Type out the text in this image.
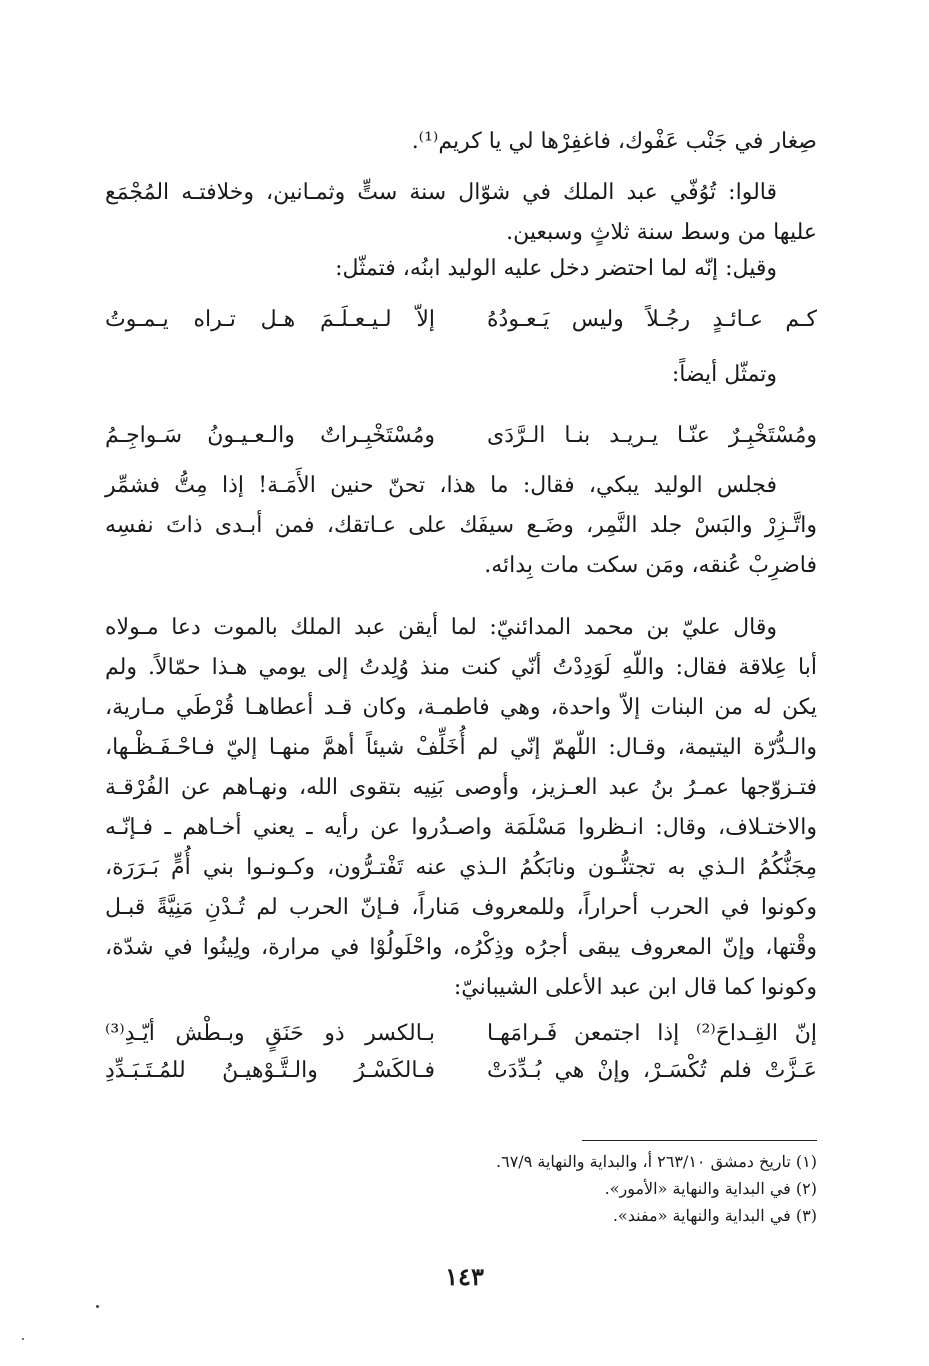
صِغار في جَنْب عَفْوك، فاغفِرْها لي يا كريم⁽¹⁾.
قالوا: تُوُفّي عبد الملك في شوّال سنة ستٍّ وثمـانين، وخلافتـه المُجْمَع
عليها من وسط سنة ثلاثٍ وسبعين.
وقيل: إنّه لما احتضر دخل عليه الوليد ابنُه، فتمثّل:
كـم عـائـدٍ رجُـلاً وليس يَـعـودُهُ
إلاّ لـيـعـلَـمَ هـل تـراه يـمـوتُ
وتمثّل أيضاً:
ومُسْتَخْبِـرٌ عنّـا يـريـد بنـا الـرَّدَى
ومُسْتَخْبِـراتٌ والـعـيـونُ سَـواجِـمُ
فجلس الوليد يبكي، فقال: ما هذا، تحنّ حنين الأَمَـة! إذا مِتُّ فشمِّر
واتَّـزِرْ والبَسْ جلد النَّمِر، وضَـع سيفَك على عـاتقك، فمن أبـدى ذاتَ نفسِه
فاضرِبْ عُنقه، ومَن سكت مات بِدائه.
وقال عليّ بن محمد المدائنيّ: لما أيقن عبد الملك بالموت دعا مـولاه
أبا عِلاقة فقال: واللّهِ لَوَدِدْتُ أنّي كنت منذ وُلِدتُ إلى يومي هـذا حمّالاً. ولم
يكن له من البنات إلاّ واحدة، وهي فاطمـة، وكان قـد أعطاهـا قُرْطَي مـارية،
والـدُّرّة اليتيمة، وقـال: اللّهمّ إنّي لم أُخَلِّفْ شيئاً أهمَّ منهـا إليّ فـاحْـفَـظْـها،
فتـزوّجها عمـرُ بنُ عبد العـزيز، وأوصى بَنِيه بتقوى الله، ونهـاهم عن الفُرْقـة
والاختـلاف، وقال: انـظروا مَسْلَمَة واصـدُروا عن رأيه ـ يعني أخـاهم ـ فـإنّـه
مِجَنُّكُمُ الـذي به تجتنُّـون ونابَكُمُ الـذي عنه تَفْتـرُّون، وكـونـوا بني أُمٍّ بَـرَرَة،
وكونوا في الحرب أحراراً، وللمعروف مَناراً، فـإنّ الحرب لم تُـدْنِ مَنِيَّةً قبـل
وقْتها، وإنّ المعروف يبقى أجرُه وذِكْرُه، واحْلَولُوْا في مرارة، ولِينُوا في شدّة،
وكونوا كما قال ابن عبد الأعلى الشيبانيّ:
إنّ القِـداحَ⁽²⁾ إذا اجتمعن فَـرامَهـا
بـالكسر ذو حَنَقٍ وبـطْش أيّـدِ⁽³⁾
عَـزَّتْ فلم تُكْسَـرْ، وإنْ هي بُـدِّدَتْ
فـالكَسْـرُ والـتَّـوْهيـنُ للمُـتَـبَـدِّدِ
(١) تاريخ دمشق ٢٦٣/١٠ أ، والبداية والنهاية ٦٧/٩.
(٢) في البداية والنهاية «الأمور».
(٣) في البداية والنهاية «مفند».
١٤٣
